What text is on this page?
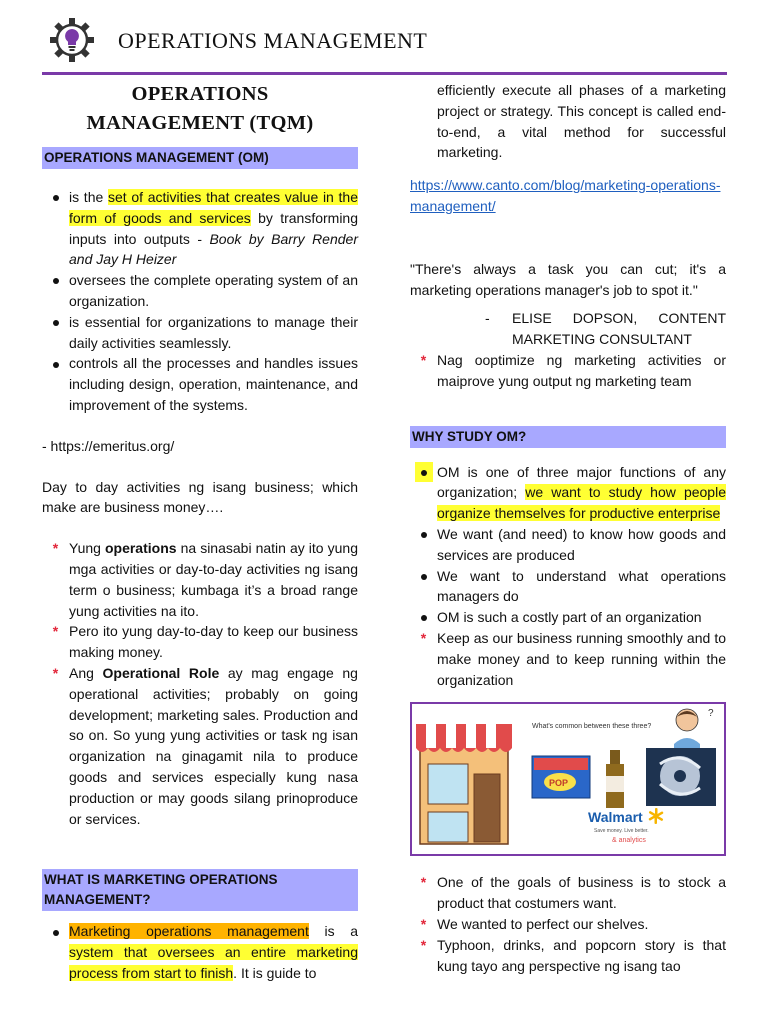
OPERATIONS MANAGEMENT
OPERATIONS
MANAGEMENT (TQM)
OPERATIONS MANAGEMENT (OM)
is the set of activities that creates value in the form of goods and services by transforming inputs into outputs - Book by Barry Render and Jay H Heizer
oversees the complete operating system of an organization.
is essential for organizations to manage their daily activities seamlessly.
controls all the processes and handles issues including design, operation, maintenance, and improvement of the systems.
- https://emeritus.org/
Day to day activities ng isang business; which make are business money….
* Yung operations na sinasabi natin ay ito yung mga activities or day-to-day activities ng isang term o business; kumbaga it’s a broad range yung activities na ito.
* Pero ito yung day-to-day to keep our business making money.
* Ang Operational Role ay mag engage ng operational activities; probably on going development; marketing sales. Production and so on. So yung yung activities or task ng isan organization na ginagamit nila to produce goods and services especially kung nasa production or may goods silang prinoproduce or services.
WHAT IS MARKETING OPERATIONS MANAGEMENT?
Marketing operations management is a system that oversees an entire marketing process from start to finish. It is guide to
efficiently execute all phases of a marketing project or strategy. This concept is called end-to-end, a vital method for successful marketing.
https://www.canto.com/blog/marketing-operations-management/
"There's always a task you can cut; it's a marketing operations manager's job to spot it."
- ELISE DOPSON, CONTENT MARKETING CONSULTANT
* Nag ooptimize ng marketing activities or maiprove yung output ng marketing team
WHY STUDY OM?
OM is one of three major functions of any organization; we want to study how people organize themselves for productive enterprise
We want (and need) to know how goods and services are produced
We want to understand what operations managers do
OM is such a costly part of an organization
* Keep as our business running smoothly and to make money and to keep running within the organization
What's common between these three?
?
POP
Walmart
Save money. Live better.
& analytics
* One of the goals of business is to stock a product that costumers want.
* We wanted to perfect our shelves.
* Typhoon, drinks, and popcorn story is that kung tayo ang perspective ng isang tao
